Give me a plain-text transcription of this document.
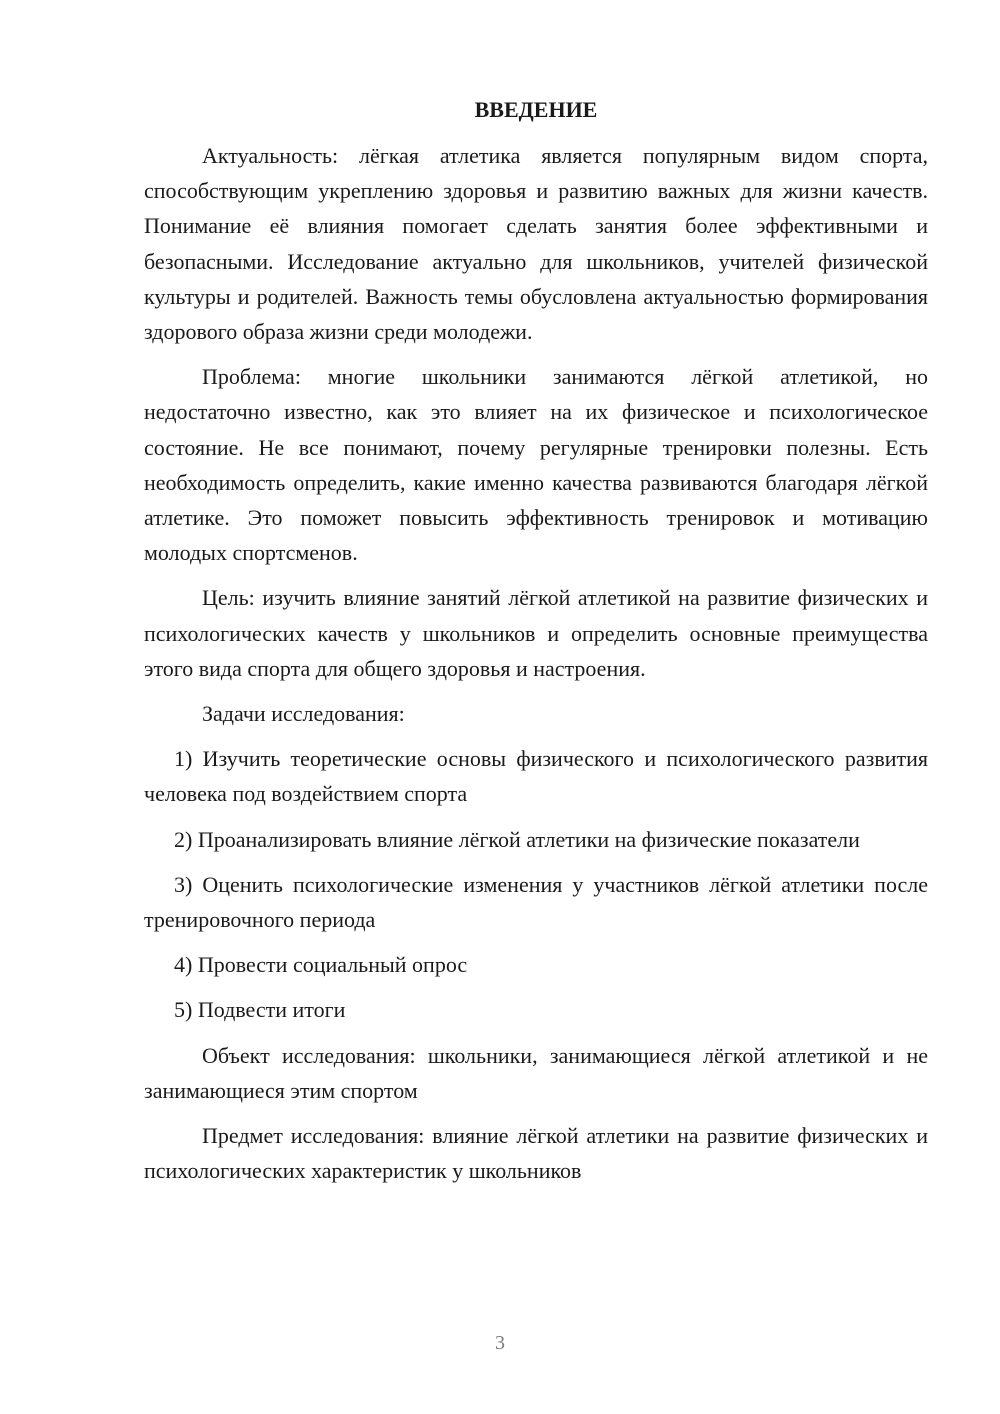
ВВЕДЕНИЕ

Актуальность: лёгкая атлетика является популярным видом спорта, способствующим укреплению здоровья и развитию важных для жизни качеств. Понимание её влияния помогает сделать занятия более эффективными и безопасными. Исследование актуально для школьников, учителей физической культуры и родителей. Важность темы обусловлена актуальностью формирования здорового образа жизни среди молодежи.

Проблема: многие школьники занимаются лёгкой атлетикой, но недостаточно известно, как это влияет на их физическое и психологическое состояние. Не все понимают, почему регулярные тренировки полезны. Есть необходимость определить, какие именно качества развиваются благодаря лёгкой атлетике. Это поможет повысить эффективность тренировок и мотивацию молодых спортсменов.

Цель: изучить влияние занятий лёгкой атлетикой на развитие физических и психологических качеств у школьников и определить основные преимущества этого вида спорта для общего здоровья и настроения.

Задачи исследования:

1) Изучить теоретические основы физического и психологического развития человека под воздействием спорта

2) Проанализировать влияние лёгкой атлетики на физические показатели

3) Оценить психологические изменения у участников лёгкой атлетики после тренировочного периода

4) Провести социальный опрос

5) Подвести итоги

Объект исследования: школьники, занимающиеся лёгкой атлетикой и не занимающиеся этим спортом

Предмет исследования: влияние лёгкой атлетики на развитие физических и психологических характеристик у школьников

3
